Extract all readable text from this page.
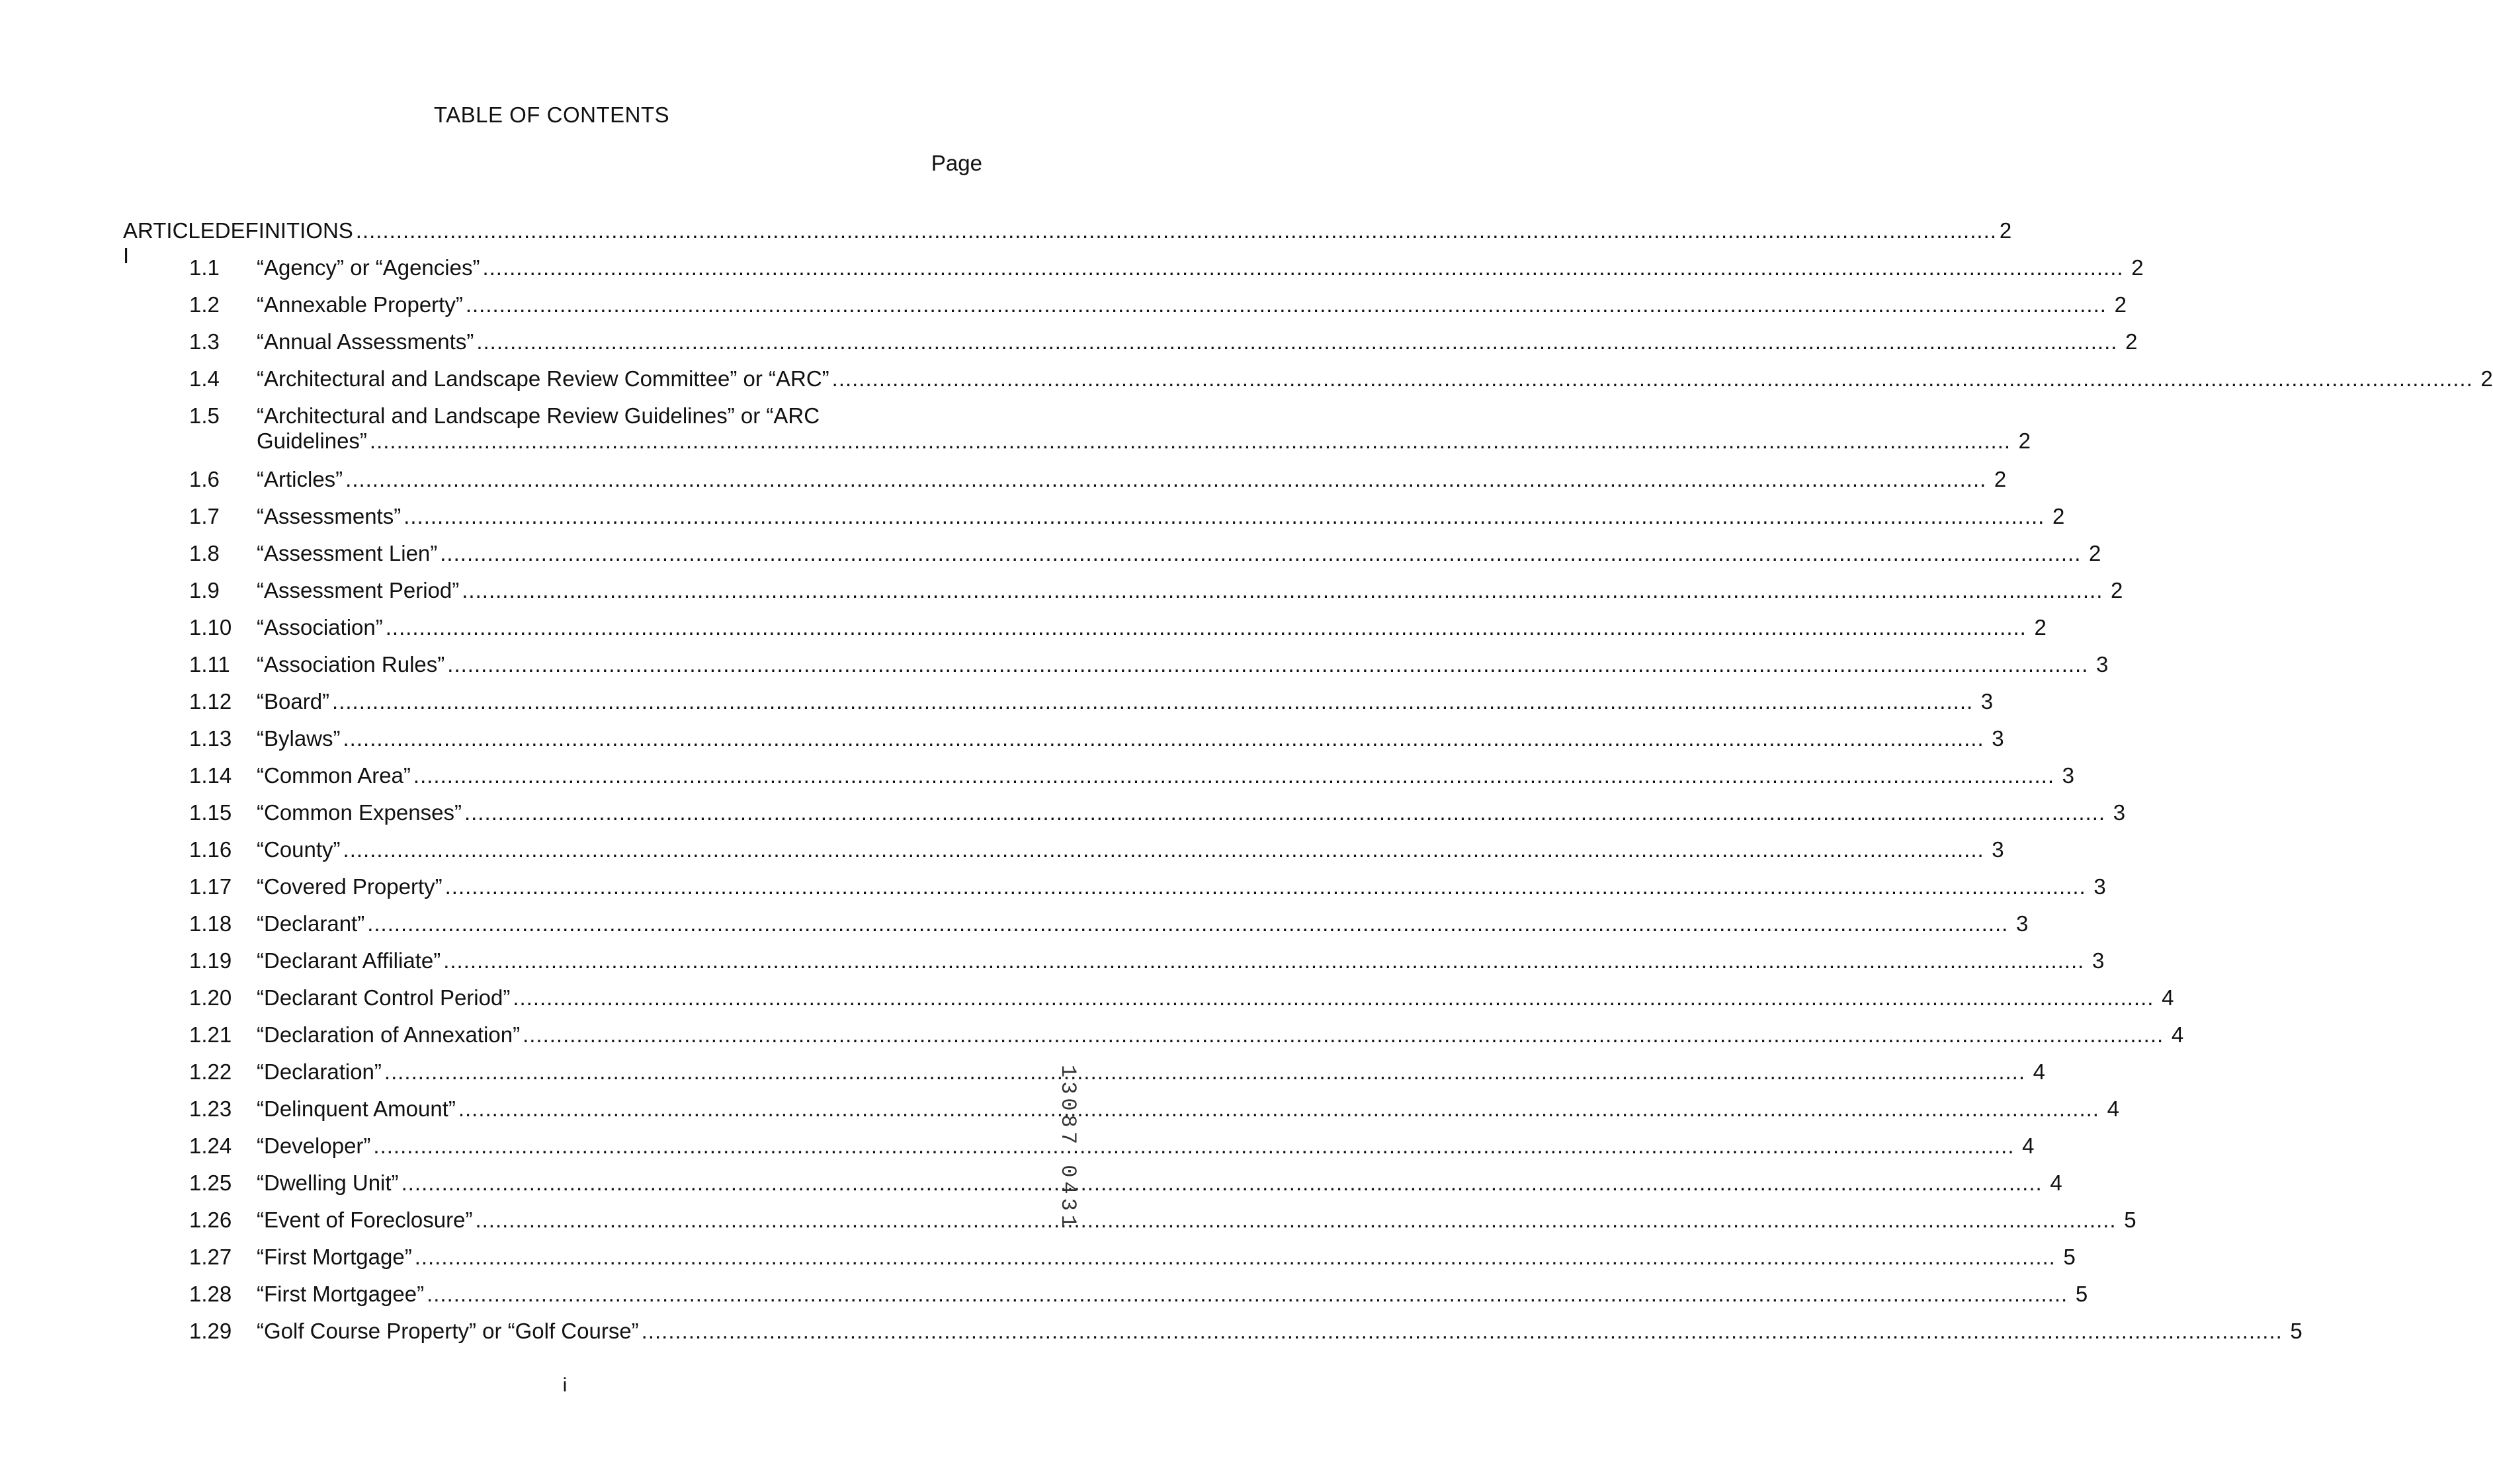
TABLE OF CONTENTS
Page
ARTICLE I
DEFINITIONS .....	2
1.1	“Agency” or “Agencies” .....	2
1.2	“Annexable Property” .....	2
1.3	“Annual Assessments” .....	2
1.4	“Architectural and Landscape Review Committee” or “ARC” .....	2
1.5	“Architectural and Landscape Review Guidelines” or “ARC
Guidelines” .....	2
1.6	“Articles” .....	2
1.7	“Assessments” .....	2
1.8	“Assessment Lien” .....	2
1.9	“Assessment Period” .....	2
1.10	“Association” .....	2
1.11	“Association Rules” .....	3
1.12	“Board” .....	3
1.13	“Bylaws” .....	3
1.14	“Common Area” .....	3
1.15	“Common Expenses” .....	3
1.16	“County” .....	3
1.17	“Covered Property” .....	3
1.18	“Declarant” .....	3
1.19	“Declarant Affiliate” .....	3
1.20	“Declarant Control Period” .....	4
1.21	“Declaration of Annexation” .....	4
1.22	“Declaration” .....	4
1.23	“Delinquent Amount” .....	4
1.24	“Developer” .....	4
1.25	“Dwelling Unit” .....	4
1.26	“Event of Foreclosure” .....	5
1.27	“First Mortgage” .....	5
1.28	“First Mortgagee” .....	5
1.29	“Golf Course Property” or “Golf Course” .....	5
i
13087 0431
